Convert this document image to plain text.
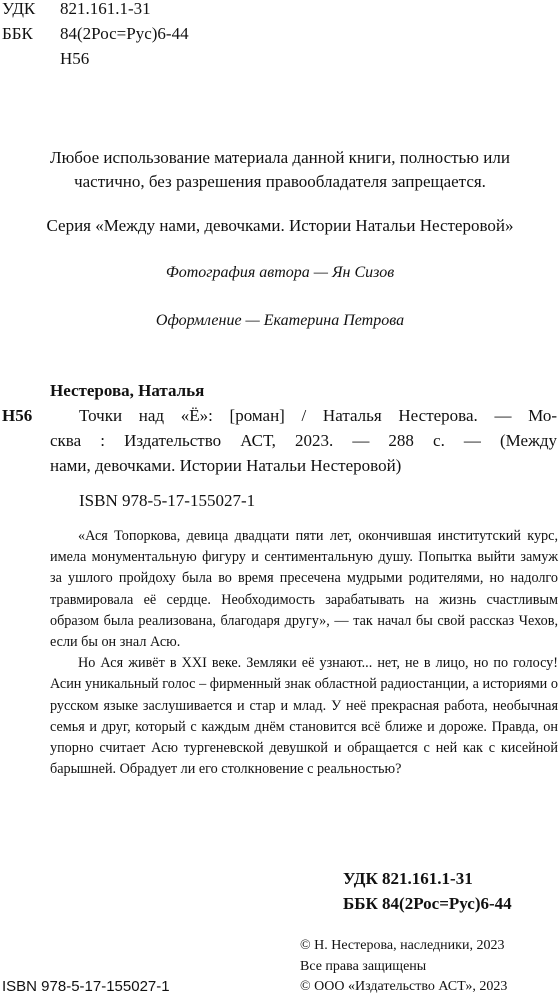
УДК 821.161.1-31
ББК 84(2Рос=Рус)6-44
Н56
Любое использование материала данной книги, полностью или
частично, без разрешения правообладателя запрещается.
Серия «Между нами, девочками. Истории Натальи Нестеровой»
Фотография автора — Ян Сизов
Оформление — Екатерина Петрова
Нестерова, Наталья
Н56	Точки над «Ё»: [роман] / Наталья Нестерова. — Мо-
сква : Издательство АСТ, 2023. — 288 с. — (Между
нами, девочками. Истории Натальи Нестеровой)
ISBN 978-5-17-155027-1

«Ася Топоркова, девица двадцати пяти лет, окончившая институтский курс, имела монументальную фигуру и сентиментальную душу. Попытка выйти замуж за ушлого пройдоху была во время пресечена мудрыми родителями, но надолго травмировала её сердце. Необходимость зарабатывать на жизнь счастливым образом была реализована, благодаря другу», — так начал бы свой рассказ Чехов, если бы он знал Асю.

Но Ася живёт в XXI веке. Земляки её узнают... нет, не в лицо, но по голосу! Асин уникальный голос – фирменный знак областной радиостанции, а историями о русском языке заслушивается и стар и млад. У неё прекрасная работа, необычная семья и друг, который с каждым днём становится всё ближе и дороже. Правда, он упорно считает Асю тургеневской девушкой и обращается с ней как с кисейной барышней. Обрадует ли его столкновение с реальностью?

УДК 821.161.1-31
ББК 84(2Рос=Рус)6-44
© Н. Нестерова, наследники, 2023
Все права защищены
ISBN 978-5-17-155027-1	© ООО «Издательство АСТ», 2023
